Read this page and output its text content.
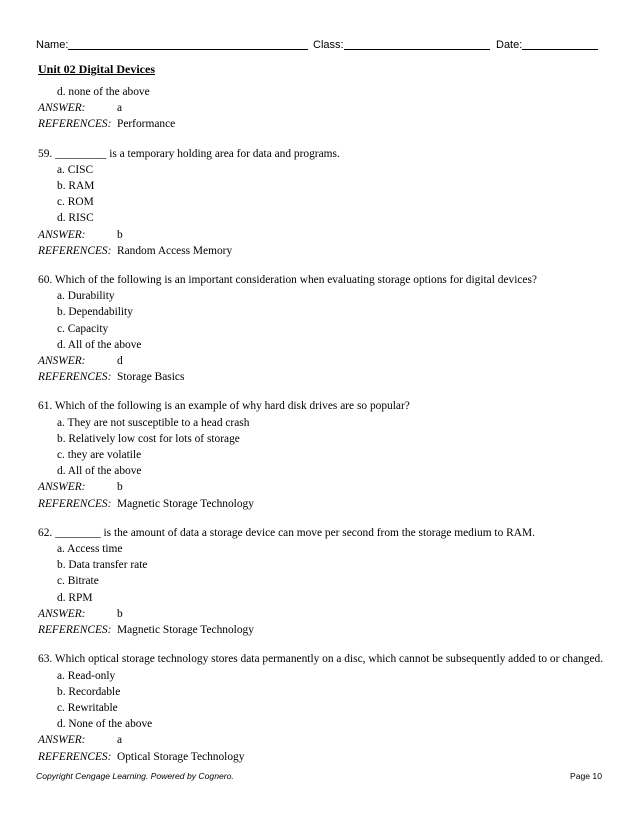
Name:	Class:	Date:
Unit 02 Digital Devices
d. none of the above
ANSWER:	a
REFERENCES: Performance
59. _________ is a temporary holding area for data and programs.
a. CISC
b. RAM
c. ROM
d. RISC
ANSWER:	b
REFERENCES: Random Access Memory
60. Which of the following is an important consideration when evaluating storage options for digital devices?
a. Durability
b. Dependability
c. Capacity
d. All of the above
ANSWER:	d
REFERENCES: Storage Basics
61. Which of the following is an example of why hard disk drives are so popular?
a. They are not susceptible to a head crash
b. Relatively low cost for lots of storage
c. they are volatile
d. All of the above
ANSWER:	b
REFERENCES: Magnetic Storage Technology
62. ________ is the amount of data a storage device can move per second from the storage medium to RAM.
a. Access time
b. Data transfer rate
c. Bitrate
d. RPM
ANSWER:	b
REFERENCES: Magnetic Storage Technology
63. Which optical storage technology stores data permanently on a disc, which cannot be subsequently added to or changed.
a. Read-only
b. Recordable
c. Rewritable
d. None of the above
ANSWER:	a
REFERENCES: Optical Storage Technology
Copyright Cengage Learning. Powered by Cognero.	Page 10
